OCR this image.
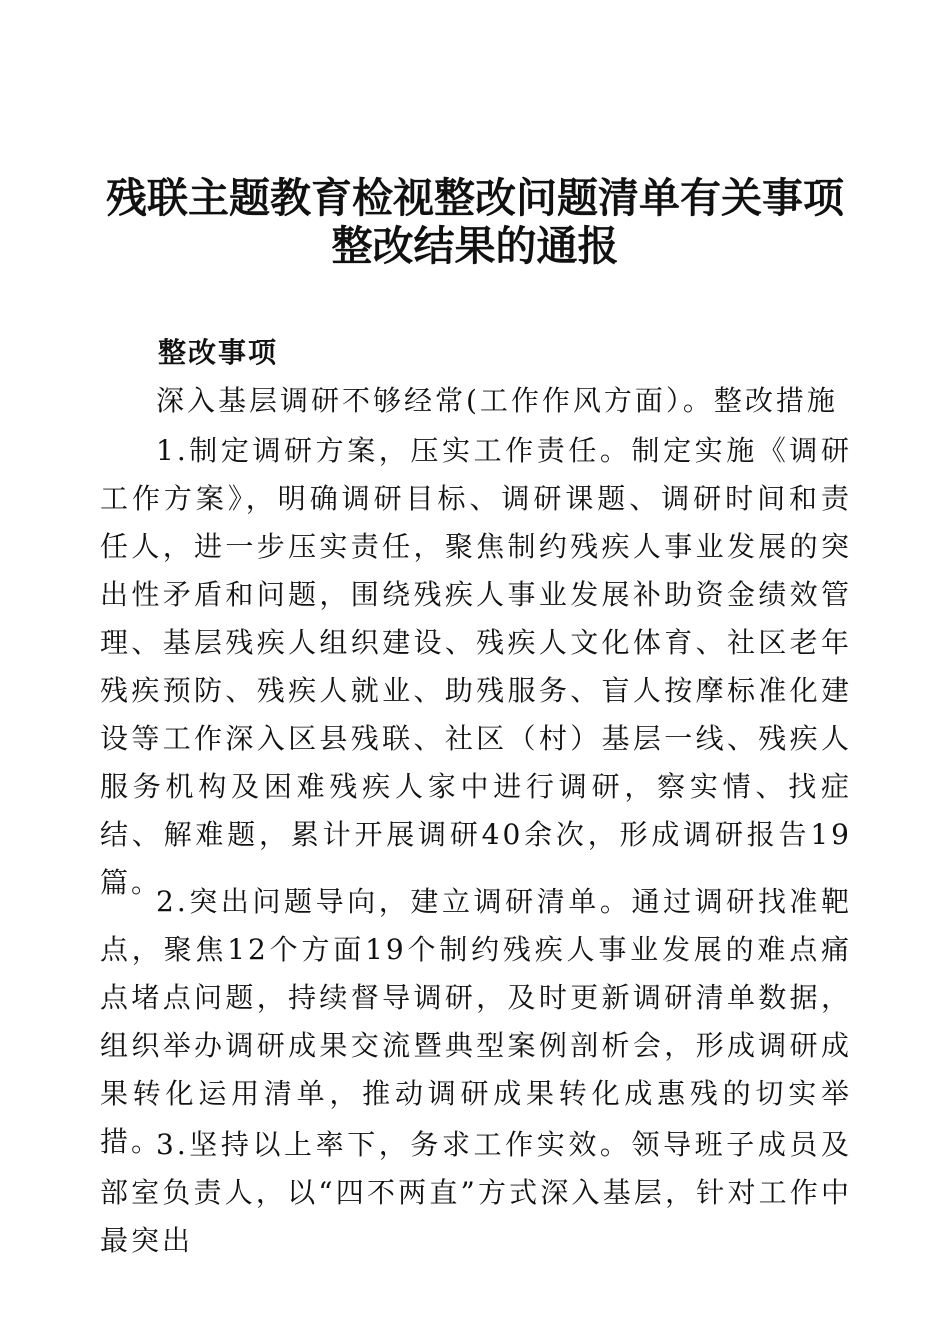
残联主题教育检视整改问题清单有关事项
整改结果的通报
整改事项

深入基层调研不够经常(工作作风方面）。整改措施

1.制定调研方案，压实工作责任。制定实施《调研工作方案》，明确调研目标、调研课题、调研时间和责任人，进一步压实责任，聚焦制约残疾人事业发展的突出性矛盾和问题，围绕残疾人事业发展补助资金绩效管理、基层残疾人组织建设、残疾人文化体育、社区老年残疾预防、残疾人就业、助残服务、盲人按摩标准化建设等工作深入区县残联、社区（村）基层一线、残疾人服务机构及困难残疾人家中进行调研，察实情、找症结、解难题，累计开展调研40余次，形成调研报告19篇。

2.突出问题导向，建立调研清单。通过调研找准靶点，聚焦12个方面19个制约残疾人事业发展的难点痛点堵点问题，持续督导调研，及时更新调研清单数据，组织举办调研成果交流暨典型案例剖析会，形成调研成果转化运用清单，推动调研成果转化成惠残的切实举措。

3.坚持以上率下，务求工作实效。领导班子成员及部室负责人，以“四不两直”方式深入基层，针对工作中最突出
